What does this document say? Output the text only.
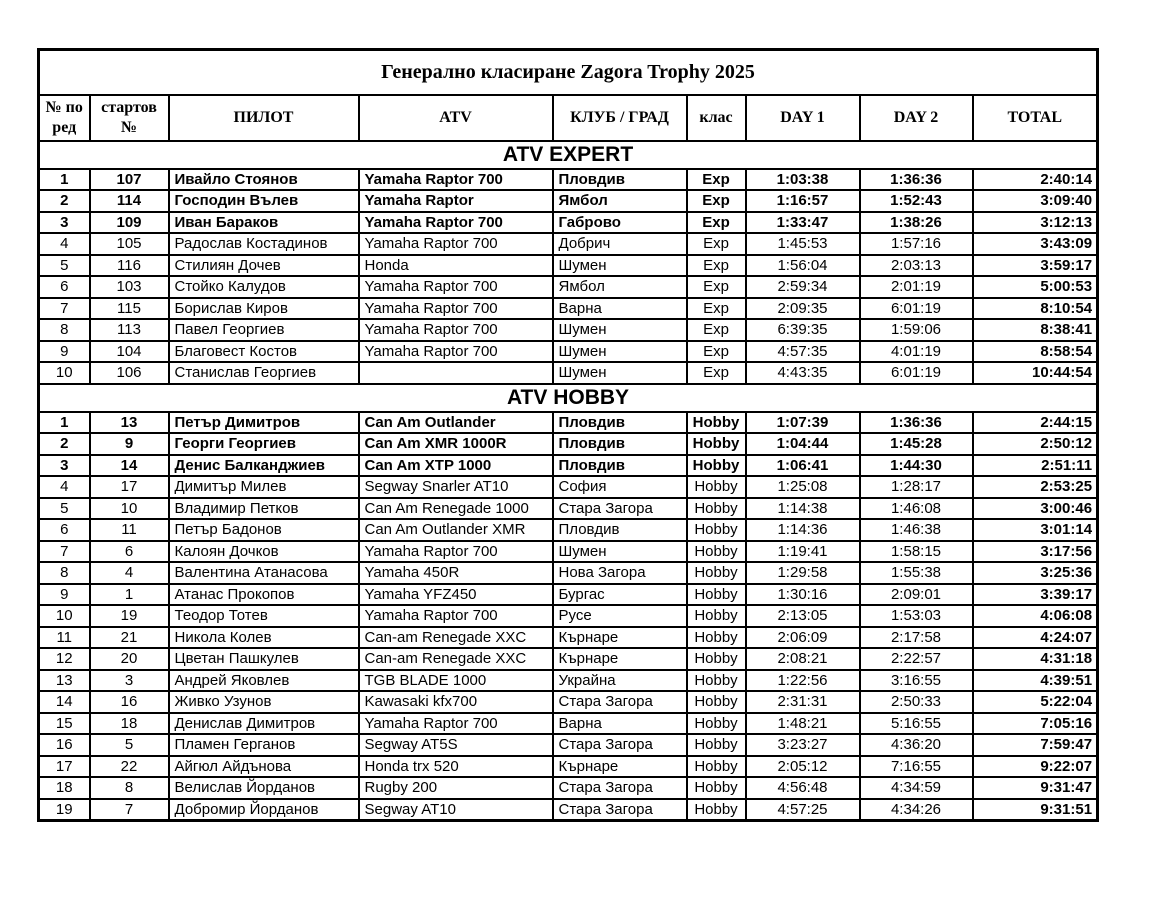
Генерално класиране Zagora Trophy 2025								
№ по ред	стартов №	ПИЛОТ	ATV	КЛУБ / ГРАД	клас	DAY 1	DAY 2	TOTAL
ATV EXPERT								
1	107	Ивайло Стоянов	Yamaha Raptor 700	Пловдив	Exp	1:03:38	1:36:36	2:40:14
2	114	Господин Вълев	Yamaha Raptor	Ямбол	Exp	1:16:57	1:52:43	3:09:40
3	109	Иван Бараков	Yamaha Raptor 700	Габрово	Exp	1:33:47	1:38:26	3:12:13
4	105	Радослав Костадинов	Yamaha Raptor 700	Добрич	Exp	1:45:53	1:57:16	3:43:09
5	116	Стилиян Дочев	Honda	Шумен	Exp	1:56:04	2:03:13	3:59:17
6	103	Стойко Калудов	Yamaha Raptor 700	Ямбол	Exp	2:59:34	2:01:19	5:00:53
7	115	Борислав Киров	Yamaha Raptor 700	Варна	Exp	2:09:35	6:01:19	8:10:54
8	113	Павел Георгиев	Yamaha Raptor 700	Шумен	Exp	6:39:35	1:59:06	8:38:41
9	104	Благовест Костов	Yamaha Raptor 700	Шумен	Exp	4:57:35	4:01:19	8:58:54
10	106	Станислав Георгиев		Шумен	Exp	4:43:35	6:01:19	10:44:54
ATV HOBBY								
1	13	Петър Димитров	Can Am Outlander	Пловдив	Hobby	1:07:39	1:36:36	2:44:15
2	9	Георги Георгиев	Can Am XMR 1000R	Пловдив	Hobby	1:04:44	1:45:28	2:50:12
3	14	Денис Балканджиев	Can Am XTP 1000	Пловдив	Hobby	1:06:41	1:44:30	2:51:11
4	17	Димитър Милев	Segway Snarler AT10	София	Hobby	1:25:08	1:28:17	2:53:25
5	10	Владимир Петков	Can Am Renegade 1000	Стара Загора	Hobby	1:14:38	1:46:08	3:00:46
6	11	Петър Бадонов	Can Am Outlander XMR	Пловдив	Hobby	1:14:36	1:46:38	3:01:14
7	6	Калоян Дочков	Yamaha Raptor 700	Шумен	Hobby	1:19:41	1:58:15	3:17:56
8	4	Валентина Атанасова	Yamaha 450R	Нова Загора	Hobby	1:29:58	1:55:38	3:25:36
9	1	Атанас Прокопов	Yamaha YFZ450	Бургас	Hobby	1:30:16	2:09:01	3:39:17
10	19	Теодор Тотев	Yamaha Raptor 700	Русе	Hobby	2:13:05	1:53:03	4:06:08
11	21	Никола Колев	Can-am Renegade XXC	Кърнаре	Hobby	2:06:09	2:17:58	4:24:07
12	20	Цветан Пашкулев	Can-am Renegade XXC	Кърнаре	Hobby	2:08:21	2:22:57	4:31:18
13	3	Андрей Яковлев	TGB BLADE 1000	Украйна	Hobby	1:22:56	3:16:55	4:39:51
14	16	Живко Узунов	Kawasaki kfx700	Стара Загора	Hobby	2:31:31	2:50:33	5:22:04
15	18	Денислав Димитров	Yamaha Raptor 700	Варна	Hobby	1:48:21	5:16:55	7:05:16
16	5	Пламен Герганов	Segway AT5S	Стара Загора	Hobby	3:23:27	4:36:20	7:59:47
17	22	Айгюл Айдънова	Honda trx 520	Кърнаре	Hobby	2:05:12	7:16:55	9:22:07
18	8	Велислав Йорданов	Rugby 200	Стара Загора	Hobby	4:56:48	4:34:59	9:31:47
19	7	Добромир Йорданов	Segway AT10	Стара Загора	Hobby	4:57:25	4:34:26	9:31:51
